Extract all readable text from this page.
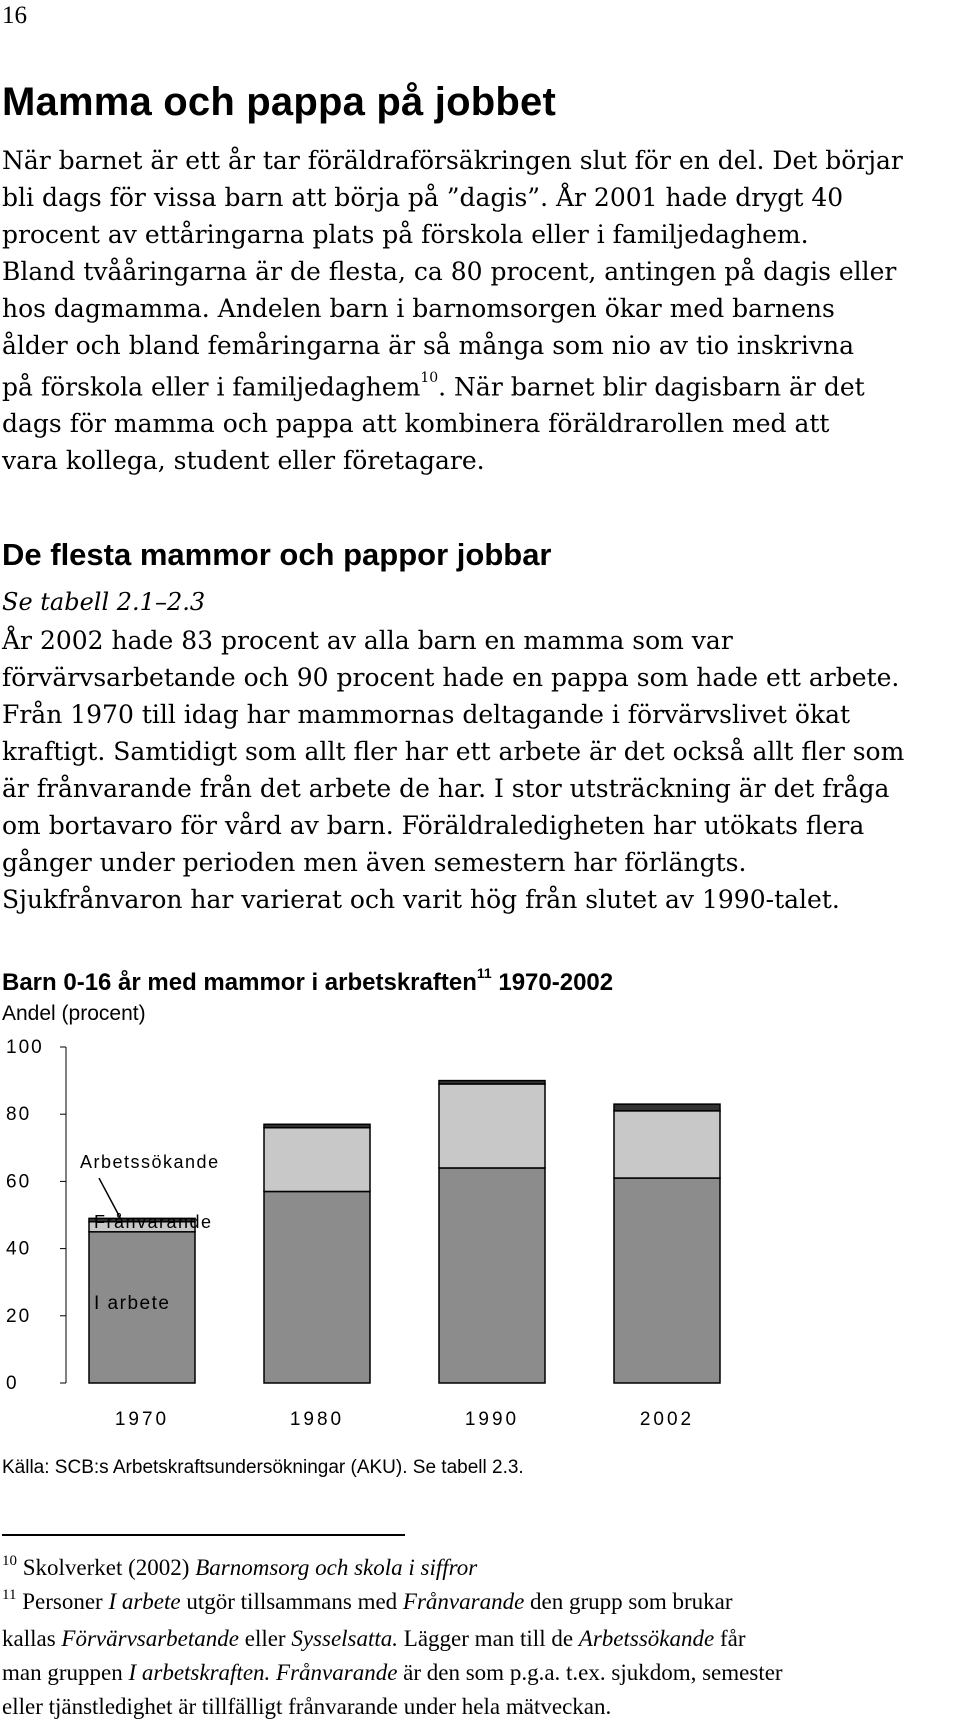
16
Mamma och pappa på jobbet
När barnet är ett år tar föräldraförsäkringen slut för en del. Det börjar
bli dags för vissa barn att börja på ”dagis”. År 2001 hade drygt 40
procent av ettåringarna plats på förskola eller i familjedaghem.
Bland tvååringarna är de flesta, ca 80 procent, antingen på dagis eller
hos dagmamma. Andelen barn i barnomsorgen ökar med barnens
ålder och bland femåringarna är så många som nio av tio inskrivna
på förskola eller i familjedaghem$^{10}$. När barnet blir dagisbarn är det
dags för mamma och pappa att kombinera föräldrarollen med att
vara kollega, student eller företagare.
De flesta mammor och pappor jobbar
Se tabell 2.1–2.3
År 2002 hade 83 procent av alla barn en mamma som var
förvärvsarbetande och 90 procent hade en pappa som hade ett arbete.
Från 1970 till idag har mammornas deltagande i förvärvslivet ökat
kraftigt. Samtidigt som allt fler har ett arbete är det också allt fler som
är frånvarande från det arbete de har. I stor utsträckning är det fråga
om bortavaro för vård av barn. Föräldraledigheten har utökats flera
gånger under perioden men även semestern har förlängts.
Sjukfrånvaron har varierat och varit hög från slutet av 1990-talet.
Barn 0-16 år med mammor i arbetskraften$^{11}$ 1970-2002
Andel (procent)
0
20
40
60
80
100
1970	1980	1990	2002
Arbetssökande
Frånvarande
I arbete
Källa: SCB:s Arbetskraftsundersökningar (AKU). Se tabell 2.3.
$^{10}$ Skolverket (2002) Barnomsorg och skola i siffror
$^{11}$ Personer I arbete utgör tillsammans med Frånvarande den grupp som brukar
kallas Förvärvsarbetande eller Sysselsatta. Lägger man till de Arbetssökande får
man gruppen I arbetskraften. Frånvarande är den som p.g.a. t.ex. sjukdom, semester
eller tjänstledighet är tillfälligt frånvarande under hela mätveckan.
